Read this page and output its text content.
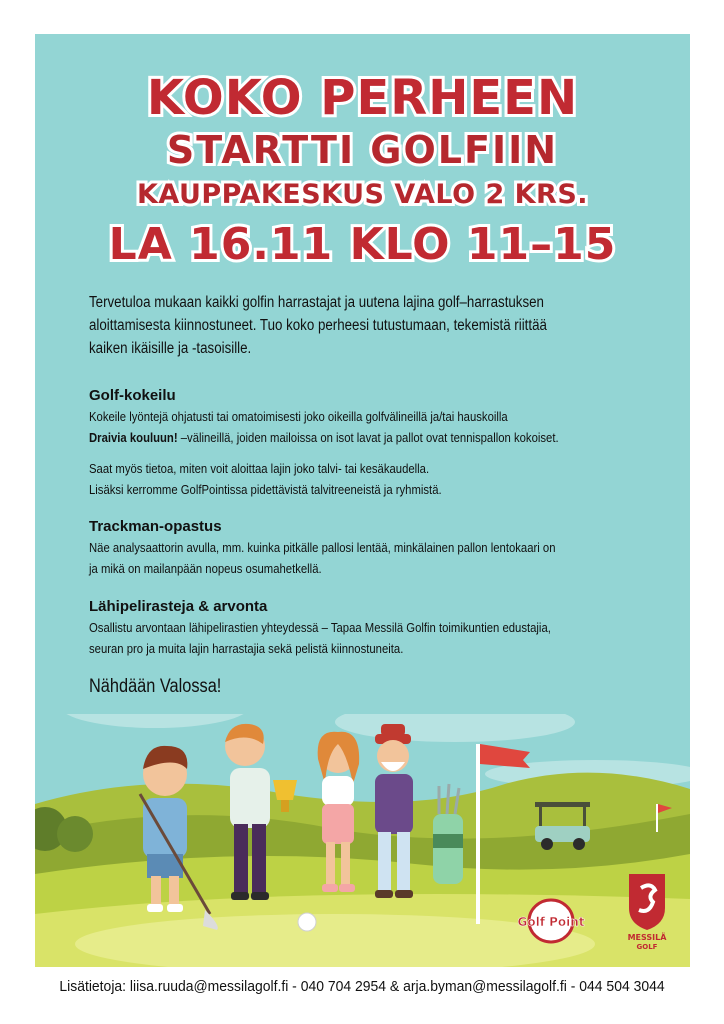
KOKO PERHEEN
STARTTI GOLFIIN
KAUPPAKESKUS VALO 2 KRS.
LA 16.11 KLO 11–15
Tervetuloa mukaan kaikki golfin harrastajat ja uutena lajina golf–harrastuksen
aloittamisesta kiinnostuneet. Tuo koko perheesi tutustumaan, tekemistä riittää
kaiken ikäisille ja -tasoisille.
Golf-kokeilu
Kokeile lyöntejä ohjatusti tai omatoimisesti joko oikeilla golfvälineillä ja/tai hauskoilla
Draivia kouluun! –välineillä, joiden mailoissa on isot lavat ja pallot ovat tennispallon kokoiset.
Saat myös tietoa, miten voit aloittaa lajin joko talvi- tai kesäkaudella.
Lisäksi kerromme GolfPointissa pidettävistä talvitreeneistä ja ryhmistä.
Trackman-opastus
Näe analysaattorin avulla, mm. kuinka pitkälle pallosi lentää, minkälainen pallon lentokaari on
ja mikä on mailanpään nopeus osumahetkellä.
Lähipelirasteja & arvonta
Osallistu arvontaan lähipelirastien yhteydessä – Tapaa Messilä Golfin toimikuntien edustajia,
seuran pro ja muita lajin harrastajia sekä pelistä kiinnostuneita.
Nähdään Valossa!
Golf Point
MESSILÄ
GOLF
Lisätietoja: liisa.ruuda@messilagolf.fi - 040 704 2954 & arja.byman@messilagolf.fi - 044 504 3044
